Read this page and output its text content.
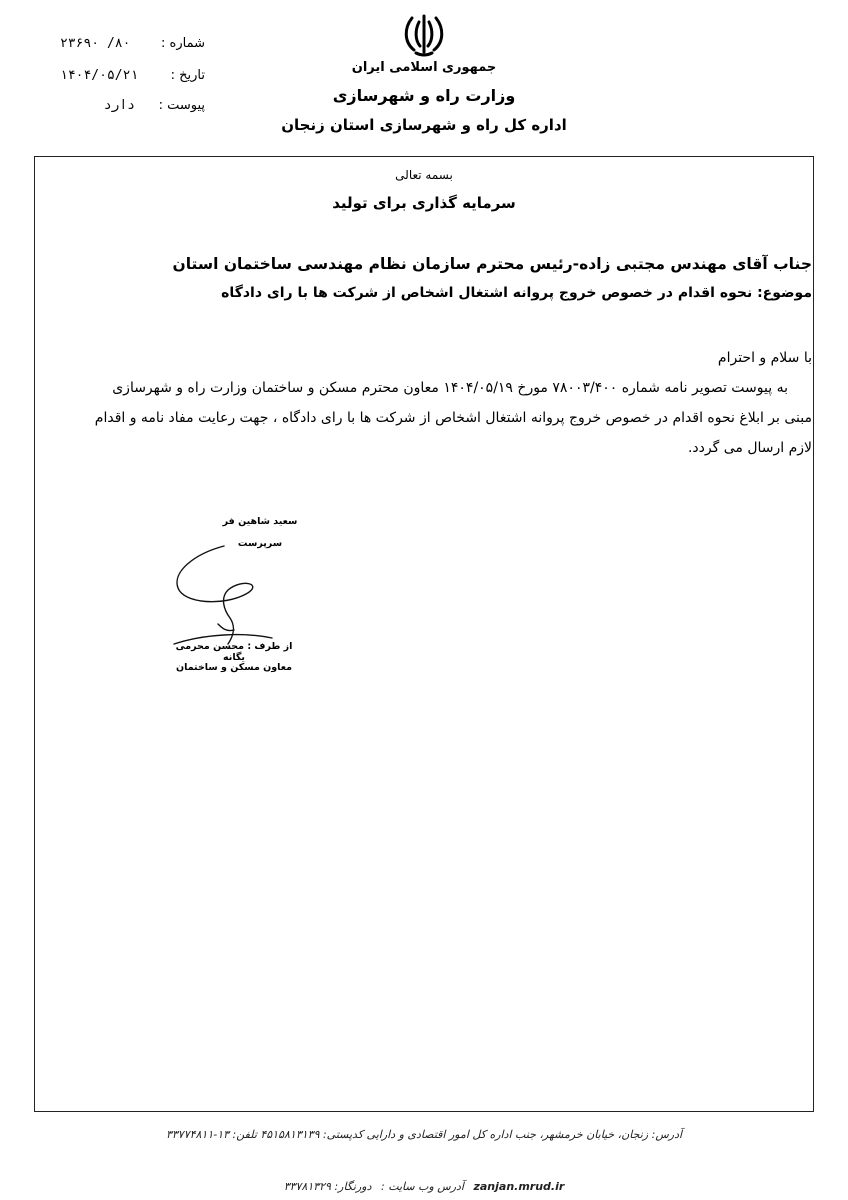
شماره :
۸۰/ ۲۳۶۹۰
تاریخ :
۱۴۰۴/۰۵/۲۱
پیوست :
دارد
جمهوری اسلامی ایران
وزارت راه و شهرسازی
اداره کل راه و شهرسازی استان زنجان
بسمه تعالی
سرمایه گذاری برای تولید
جناب آقای مهندس مجتبی زاده-رئیس محترم سازمان نظام مهندسی ساختمان استان
موضوع: نحوه اقدام در خصوص خروج پروانه اشتغال اشخاص از شرکت ها با رای دادگاه
با سلام و احترام
به پیوست تصویر نامه شماره ۷۸۰۰۳/۴۰۰ مورخ ۱۴۰۴/۰۵/۱۹ معاون محترم مسکن و ساختمان وزارت راه و شهرسازی
مبنی بر ابلاغ نحوه اقدام در خصوص خروج پروانه اشتغال اشخاص از شرکت ها با رای دادگاه ، جهت رعایت مفاد نامه و اقدام
لازم ارسال می گردد.
سعید شاهین فر
سرپرست
از طرف : محسن محرمی یگانه
معاون مسکن و ساختمان
آدرس: زنجان، خیابان خرمشهر، جنب اداره کل امور اقتصادی و دارایی کدپستی: ۴۵۱۵۸۱۳۱۳۹ تلفن: ۱۳-۳۳۷۷۴۸۱۱
دورنگار: ۳۳۷۸۱۳۲۹ : آدرس وب سایت zanjan.mrud.ir
